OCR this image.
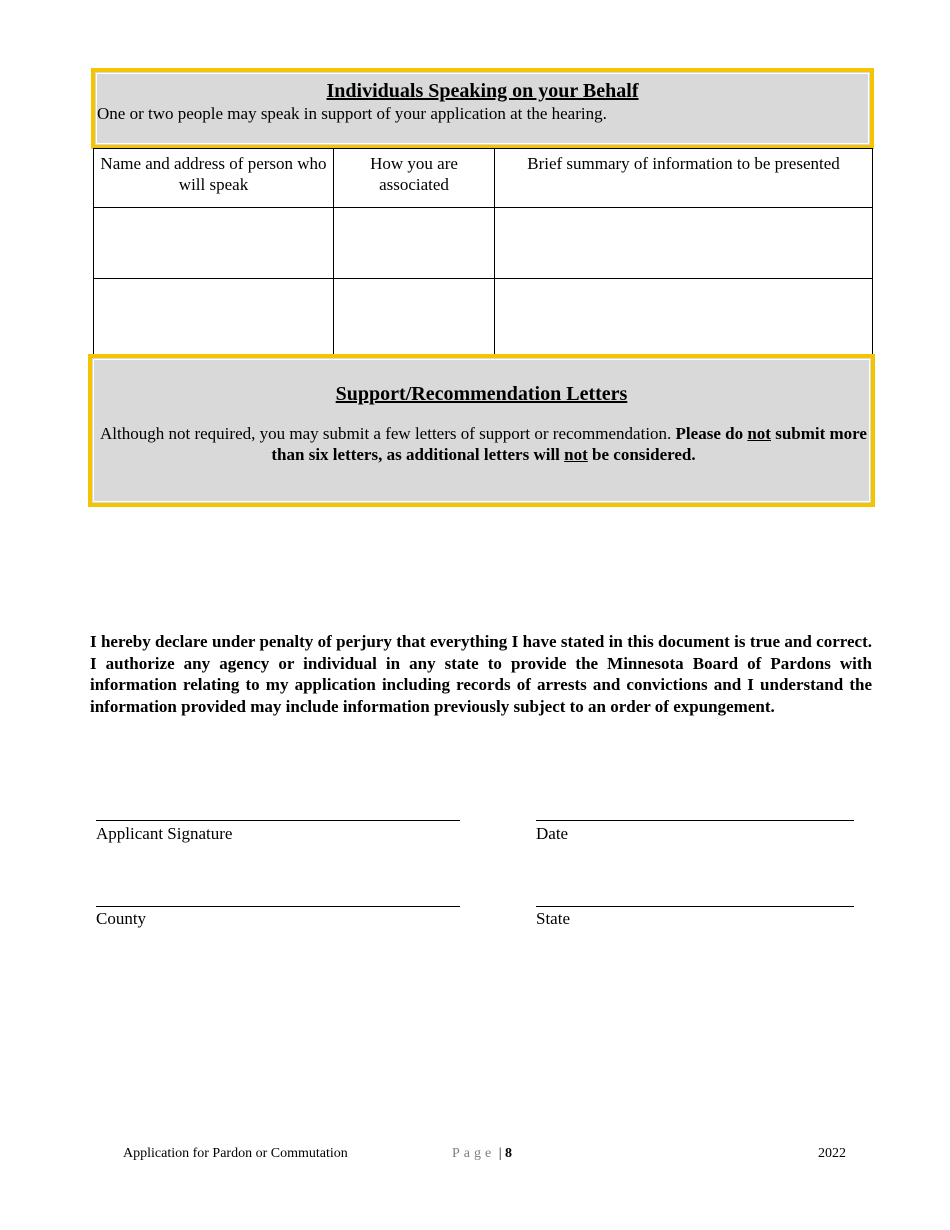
Individuals Speaking on your Behalf
One or two people may speak in support of your application at the hearing.
Name and address of person who will speak	How you are associated	Brief summary of information to be presented

Support/Recommendation Letters
Although not required, you may submit a few letters of support or recommendation. Please do not submit more than six letters, as additional letters will not be considered.
I hereby declare under penalty of perjury that everything I have stated in this document is true and correct. I authorize any agency or individual in any state to provide the Minnesota Board of Pardons with information relating to my application including records of arrests and convictions and I understand the information provided may include information previously subject to an order of expungement.
Applicant Signature	Date
County	State
Application for Pardon or Commutation	Page | 8	2022
